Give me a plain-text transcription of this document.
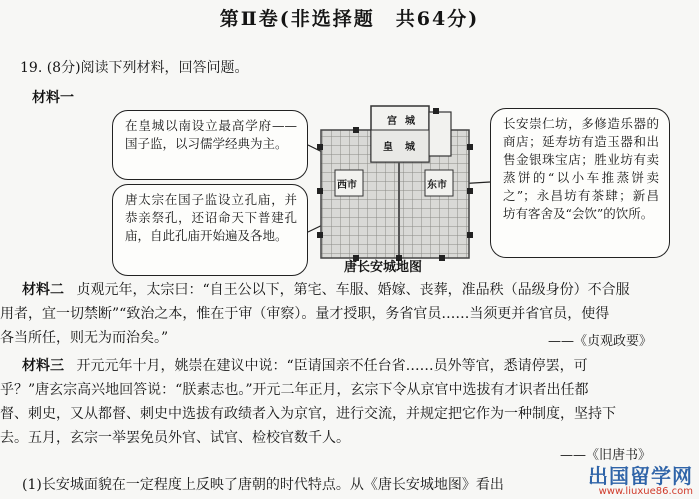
第Ⅱ卷(非选择题　共64分)
19. (8分)阅读下列材料，回答问题。
材料一
在皇城以南设立最高学府——国子监，以习儒学经典为主。
唐太宗在国子监设立孔庙，并恭亲祭孔，还诏命天下普建孔庙，自此孔庙开始遍及各地。
长安崇仁坊，多修造乐器的商店；延寿坊有造玉器和出售金银珠宝店；胜业坊有卖蒸饼的“以小车推蒸饼卖之”；永昌坊有茶肆；新昌坊有客舍及“会饮”的饮所。
宫 城
皇 城
西市	东市
唐长安城地图
材料二 贞观元年，太宗曰：“自王公以下，第宅、车服、婚嫁、丧葬，准品秩（品级身份）不合服
用者，宜一切禁断”“致治之本，惟在于审（审察）。量才授职，务省官员……当须更并省官员，使得
各当所任，则无为而治矣。”	——《贞观政要》
材料三 开元元年十月，姚崇在建议中说：“臣请国亲不任台省……员外等官，悉请停罢，可
乎？”唐玄宗高兴地回答说：“朕素志也。”开元二年正月，玄宗下令从京官中选拔有才识者出任都
督、刺史，又从都督、刺史中选拔有政绩者入为京官，进行交流，并规定把它作为一种制度，坚持下
去。五月，玄宗一举罢免员外官、试官、检校官数千人。
——《旧唐书》
(1)长安城面貌在一定程度上反映了唐朝的时代特点。从《唐长安城地图》看出	出国留学网
www.liuxue86.com
